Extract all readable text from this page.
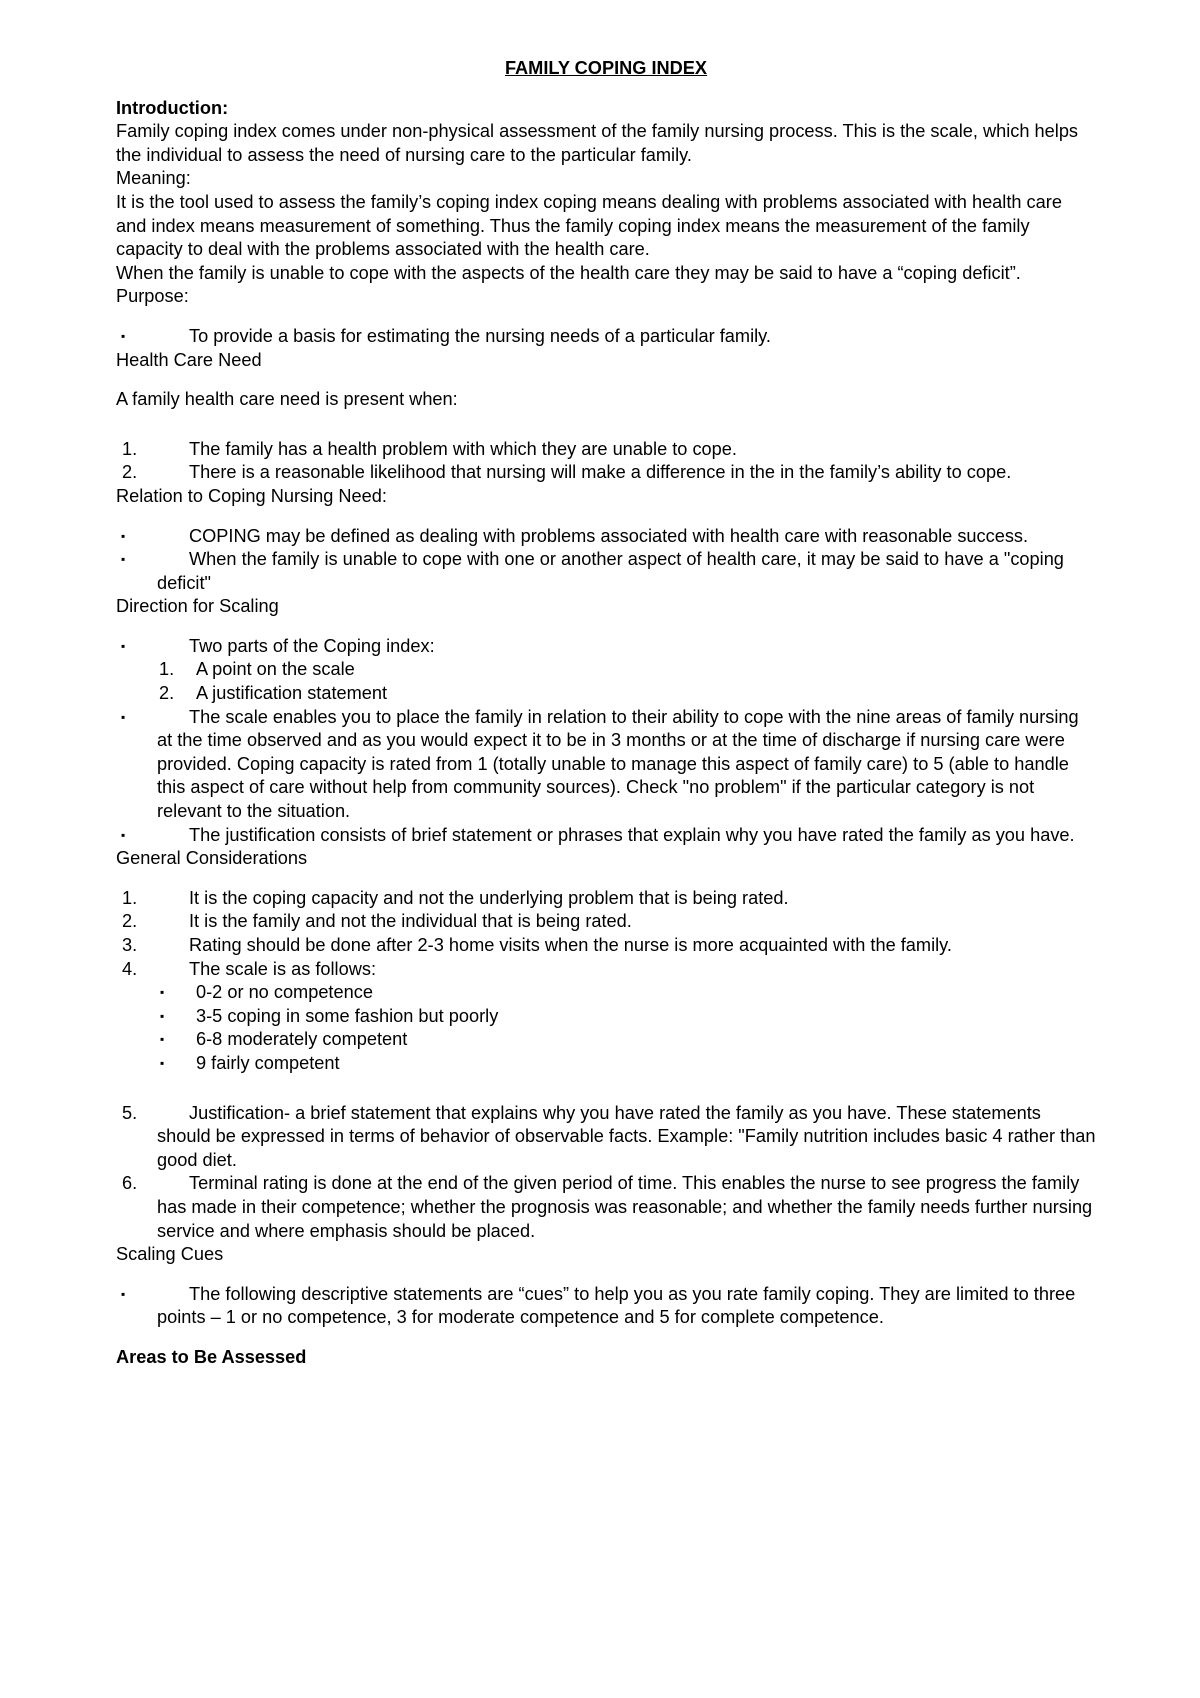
FAMILY COPING INDEX

Introduction:

Family coping index comes under non-physical assessment of the family nursing process. This is the scale, which helps the individual to assess the need of nursing care to the particular family.

Meaning:

It is the tool used to assess the family’s coping index coping means dealing with problems associated with health care and index means measurement of something. Thus the family coping index means the measurement of the family capacity to deal with the problems associated with the health care.

When the family is unable to cope with the aspects of the health care they may be said to have a “coping deficit”.

Purpose:

▪	To provide a basis for estimating the nursing needs of a particular family.

Health Care Need

A family health care need is present when:

1.	The family has a health problem with which they are unable to cope.
2.	There is a reasonable likelihood that nursing will make a difference in the in the family’s ability to cope.

Relation to Coping Nursing Need:

▪	COPING may be defined as dealing with problems associated with health care with reasonable success.
▪	When the family is unable to cope with one or another aspect of health care, it may be said to have a "coping deficit"

Direction for Scaling

▪	Two parts of the Coping index:
1. A point on the scale
2. A justification statement
▪	The scale enables you to place the family in relation to their ability to cope with the nine areas of family nursing at the time observed and as you would expect it to be in 3 months or at the time of discharge if nursing care were provided. Coping capacity is rated from 1 (totally unable to manage this aspect of family care) to 5 (able to handle this aspect of care without help from community sources). Check "no problem" if the particular category is not relevant to the situation.
▪	The justification consists of brief statement or phrases that explain why you have rated the family as you have.

General Considerations

1.	It is the coping capacity and not the underlying problem that is being rated.
2.	It is the family and not the individual that is being rated.
3.	Rating should be done after 2-3 home visits when the nurse is more acquainted with the family.
4.	The scale is as follows:
▪ 0-2 or no competence
▪ 3-5 coping in some fashion but poorly
▪ 6-8 moderately competent
▪ 9 fairly competent
5.	Justification- a brief statement that explains why you have rated the family as you have. These statements should be expressed in terms of behavior of observable facts. Example: "Family nutrition includes basic 4 rather than good diet.
6.	Terminal rating is done at the end of the given period of time. This enables the nurse to see progress the family has made in their competence; whether the prognosis was reasonable; and whether the family needs further nursing service and where emphasis should be placed.

Scaling Cues

▪	The following descriptive statements are “cues” to help you as you rate family coping. They are limited to three points – 1 or no competence, 3 for moderate competence and 5 for complete competence.

Areas to Be Assessed
